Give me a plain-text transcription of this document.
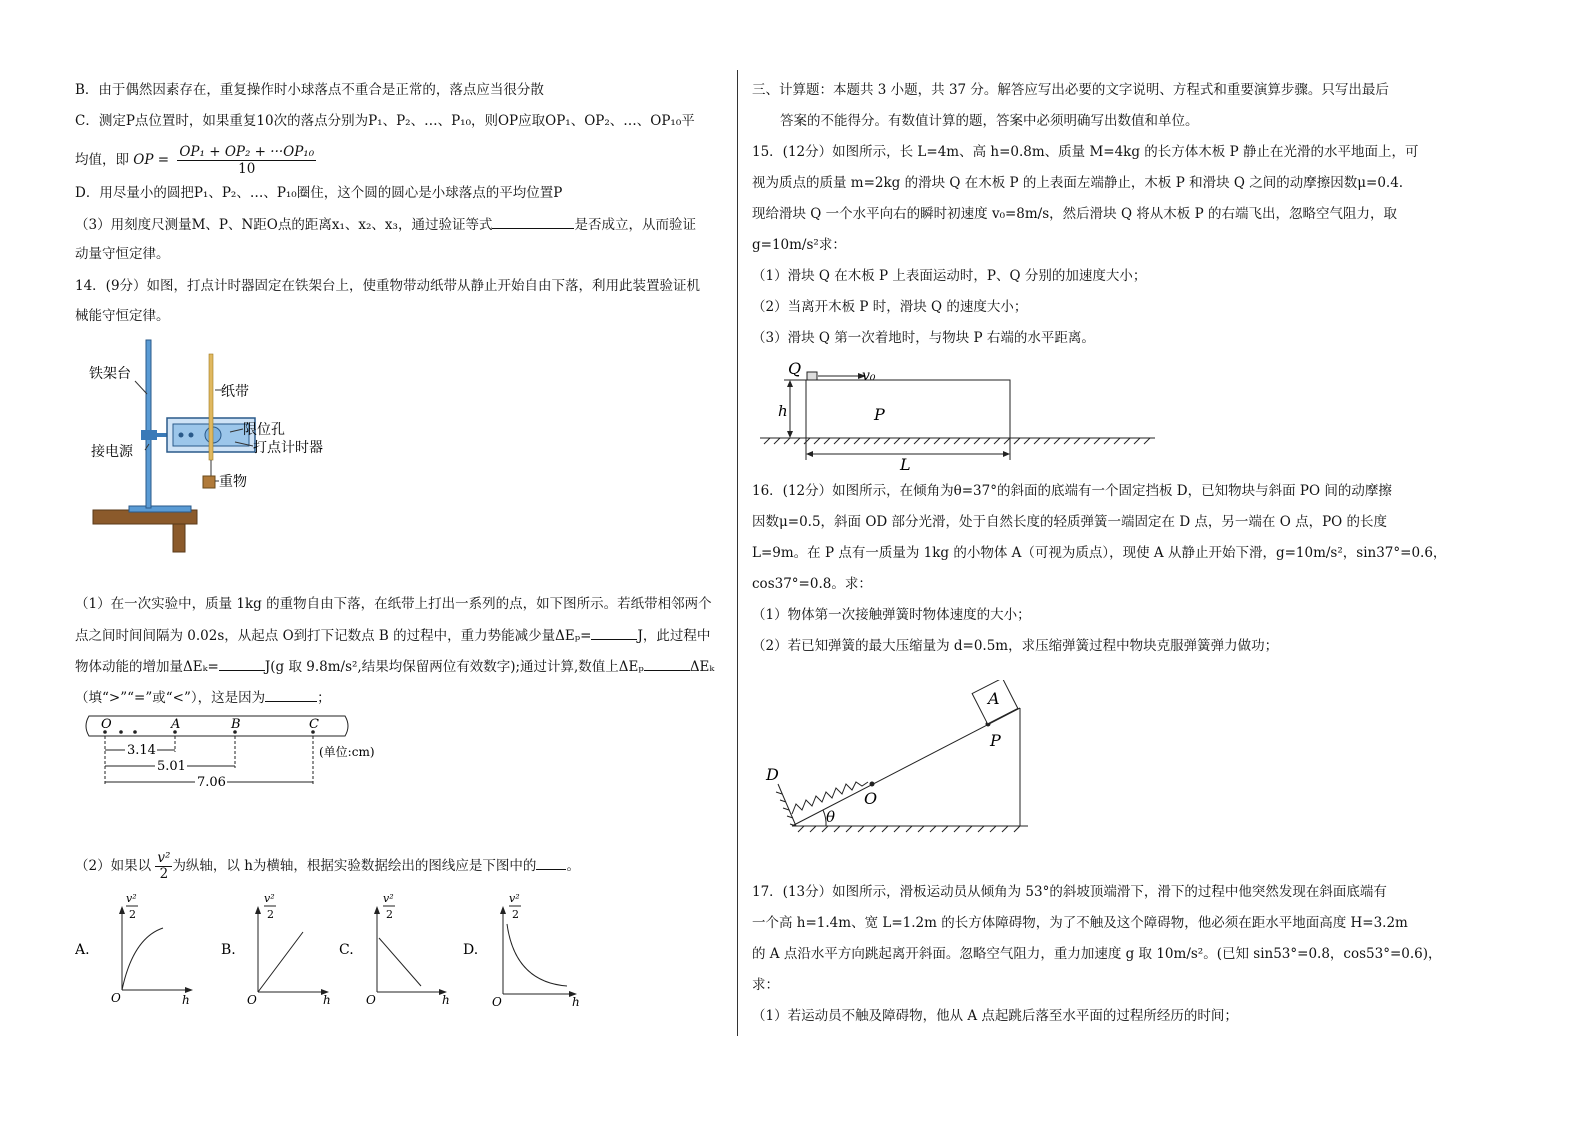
B．由于偶然因素存在，重复操作时小球落点不重合是正常的，落点应当很分散
C．测定P点位置时，如果重复10次的落点分别为P₁、P₂、…、P₁₀，则OP应取OP₁、OP₂、…、OP₁₀平
均值，即 OP = $\frac{\text{OP₁ + OP₂ + ···OP₁₀}}{10}$
D．用尽量小的圆把P₁、P₂、…、P₁₀圈住，这个圆的圆心是小球落点的平均位置P
（3）用刻度尺测量M、P、N距O点的距离x₁、x₂、x₃，通过验证等式	是否成立，从而验证
动量守恒定律。
14．(9分）如图，打点计时器固定在铁架台上，使重物带动纸带从静止开始自由下落，利用此装置验证机
械能守恒定律。
铁架台
纸带
限位孔
接电源	打点计时器
重物
（1）在一次实验中，质量 1kg 的重物自由下落，在纸带上打出一系列的点，如下图所示。若纸带相邻两个
点之间时间间隔为 0.02s，从起点 O到打下记数点 B 的过程中，重力势能减少量ΔEₚ=	J，此过程中
物体动能的增加量ΔEₖ=	J(g 取 9.8m/s²,结果均保留两位有效数字);通过计算,数值上ΔEₚ	ΔEₖ
（填“>”“=”或“<”），这是因为	；
O	A	B	C
3.14
5.01
7.06
(单位:cm)
（2）如果以 $\frac{\text{v²}}{2}$ 为纵轴，以 h为横轴，根据实验数据绘出的图线应是下图中的 。
A.
v²
2
O	h
B.
v²
2
O	h
C.
v²
2
O	h
D.
v²
2
O	h
三、计算题：本题共 3 小题，共 37 分。解答应写出必要的文字说明、方程式和重要演算步骤。只写出最后
答案的不能得分。有数值计算的题，答案中必须明确写出数值和单位。
15．(12分）如图所示，长 L=4m、高 h=0.8m、质量 M=4kg 的长方体木板 P 静止在光滑的水平地面上，可
视为质点的质量 m=2kg 的滑块 Q 在木板 P 的上表面左端静止，木板 P 和滑块 Q 之间的动摩擦因数μ=0.4.
现给滑块 Q 一个水平向右的瞬时初速度 v₀=8m/s，然后滑块 Q 将从木板 P 的右端飞出，忽略空气阻力，取
g=10m/s²求：
（1）滑块 Q 在木板 P 上表面运动时，P、Q 分别的加速度大小；
（2）当离开木板 P 时，滑块 Q 的速度大小；
（3）滑块 Q 第一次着地时，与物块 P 右端的水平距离。
Q	v₀
h	P
L
16．(12分）如图所示，在倾角为θ=37°的斜面的底端有一个固定挡板 D，已知物块与斜面 PO 间的动摩擦
因数μ=0.5，斜面 OD 部分光滑，处于自然长度的轻质弹簧一端固定在 D 点，另一端在 O 点，PO 的长度
L=9m。在 P 点有一质量为 1kg 的小物体 A（可视为质点），现使 A 从静止开始下滑，g=10m/s²，sin37°=0.6，
cos37°=0.8。求：
（1）物体第一次接触弹簧时物体速度的大小；
（2）若已知弹簧的最大压缩量为 d=0.5m，求压缩弹簧过程中物块克服弹簧弹力做功；
A
P
D
O
θ
17．(13分）如图所示，滑板运动员从倾角为 53°的斜坡顶端滑下，滑下的过程中他突然发现在斜面底端有
一个高 h=1.4m、宽 L=1.2m 的长方体障碍物，为了不触及这个障碍物，他必须在距水平地面高度 H=3.2m
的 A 点沿水平方向跳起离开斜面。忽略空气阻力，重力加速度 g 取 10m/s²。(已知 sin53°=0.8，cos53°=0.6)，
求：
（1）若运动员不触及障碍物，他从 A 点起跳后落至水平面的过程所经历的时间；
